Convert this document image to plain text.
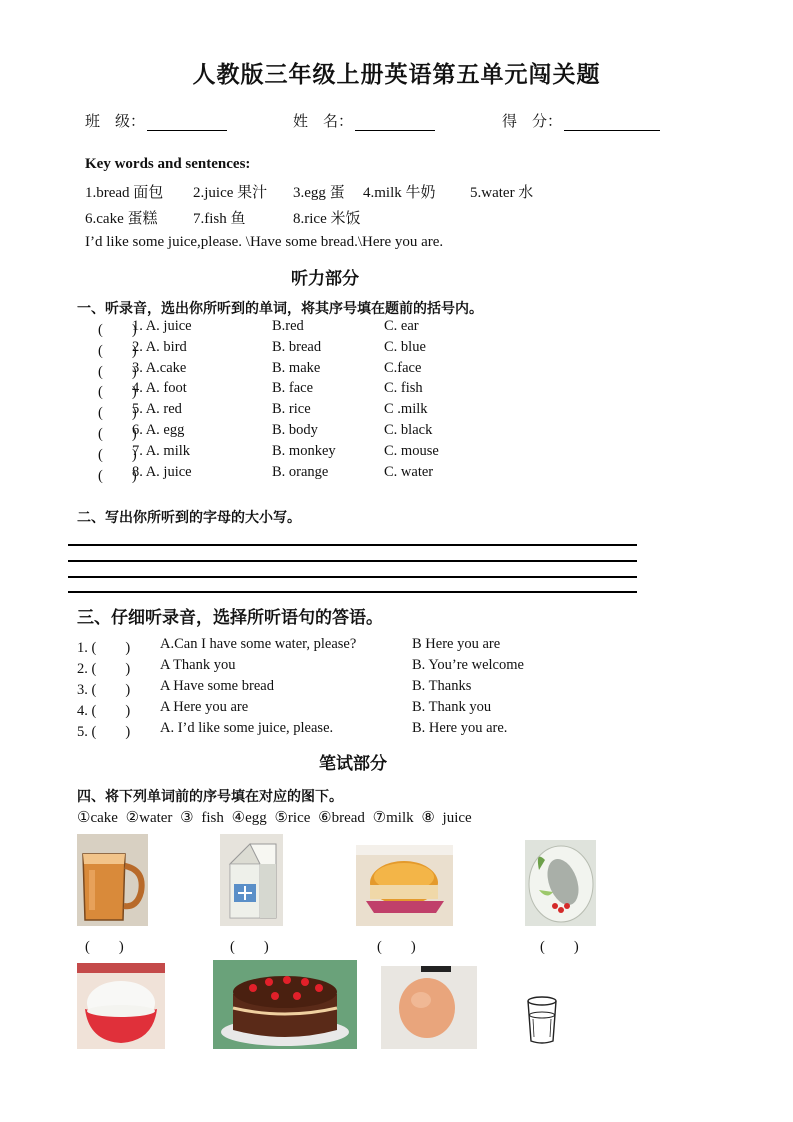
人教版三年级上册英语第五单元闯关题
班　级：	姓　名：	得　分：
Key words and sentences:
1.bread 面包 2.juice 果汁 3.egg 蛋 4.milk 牛奶 5.water 水
6.cake 蛋糕 7.fish 鱼	8.rice 米饭
I’d like some juice,please. \Have some bread.\Here you are.
听力部分
一、听录音，选出你所听到的单词，将其序号填在题前的括号内。
(　　)
1. A. juice	B.red	C. ear
(　　)
2. A. bird	B. bread	C. blue
(　　)
3. A.cake	B. make	C.face
(　　)
4. A. foot	B. face	C. fish
(　　)
5. A. red	B. rice	C .milk
(　　)
6. A. egg	B. body	C. black
(　　)
7. A. milk	B. monkey	C. mouse
(　　)
8. A. juice	B. orange	C. water
二、写出你所听到的字母的大小写。
三、仔细听录音，选择所听语句的答语。
1. (　　) A.Can I have some water, please?	B Here you are
2. (　　) A Thank you	B. You’re welcome
3. (　　) A Have some bread	B. Thanks
4. (　　) A Here you are	B. Thank you
5. (　　) A. I’d like some juice, please.	B. Here you are.
笔试部分
四、将下列单词前的序号填在对应的图下。
①cake ②water ③ fish ④egg ⑤rice ⑥bread ⑦milk ⑧ juice
(　　)	(　　)	(　　)	(　　)
